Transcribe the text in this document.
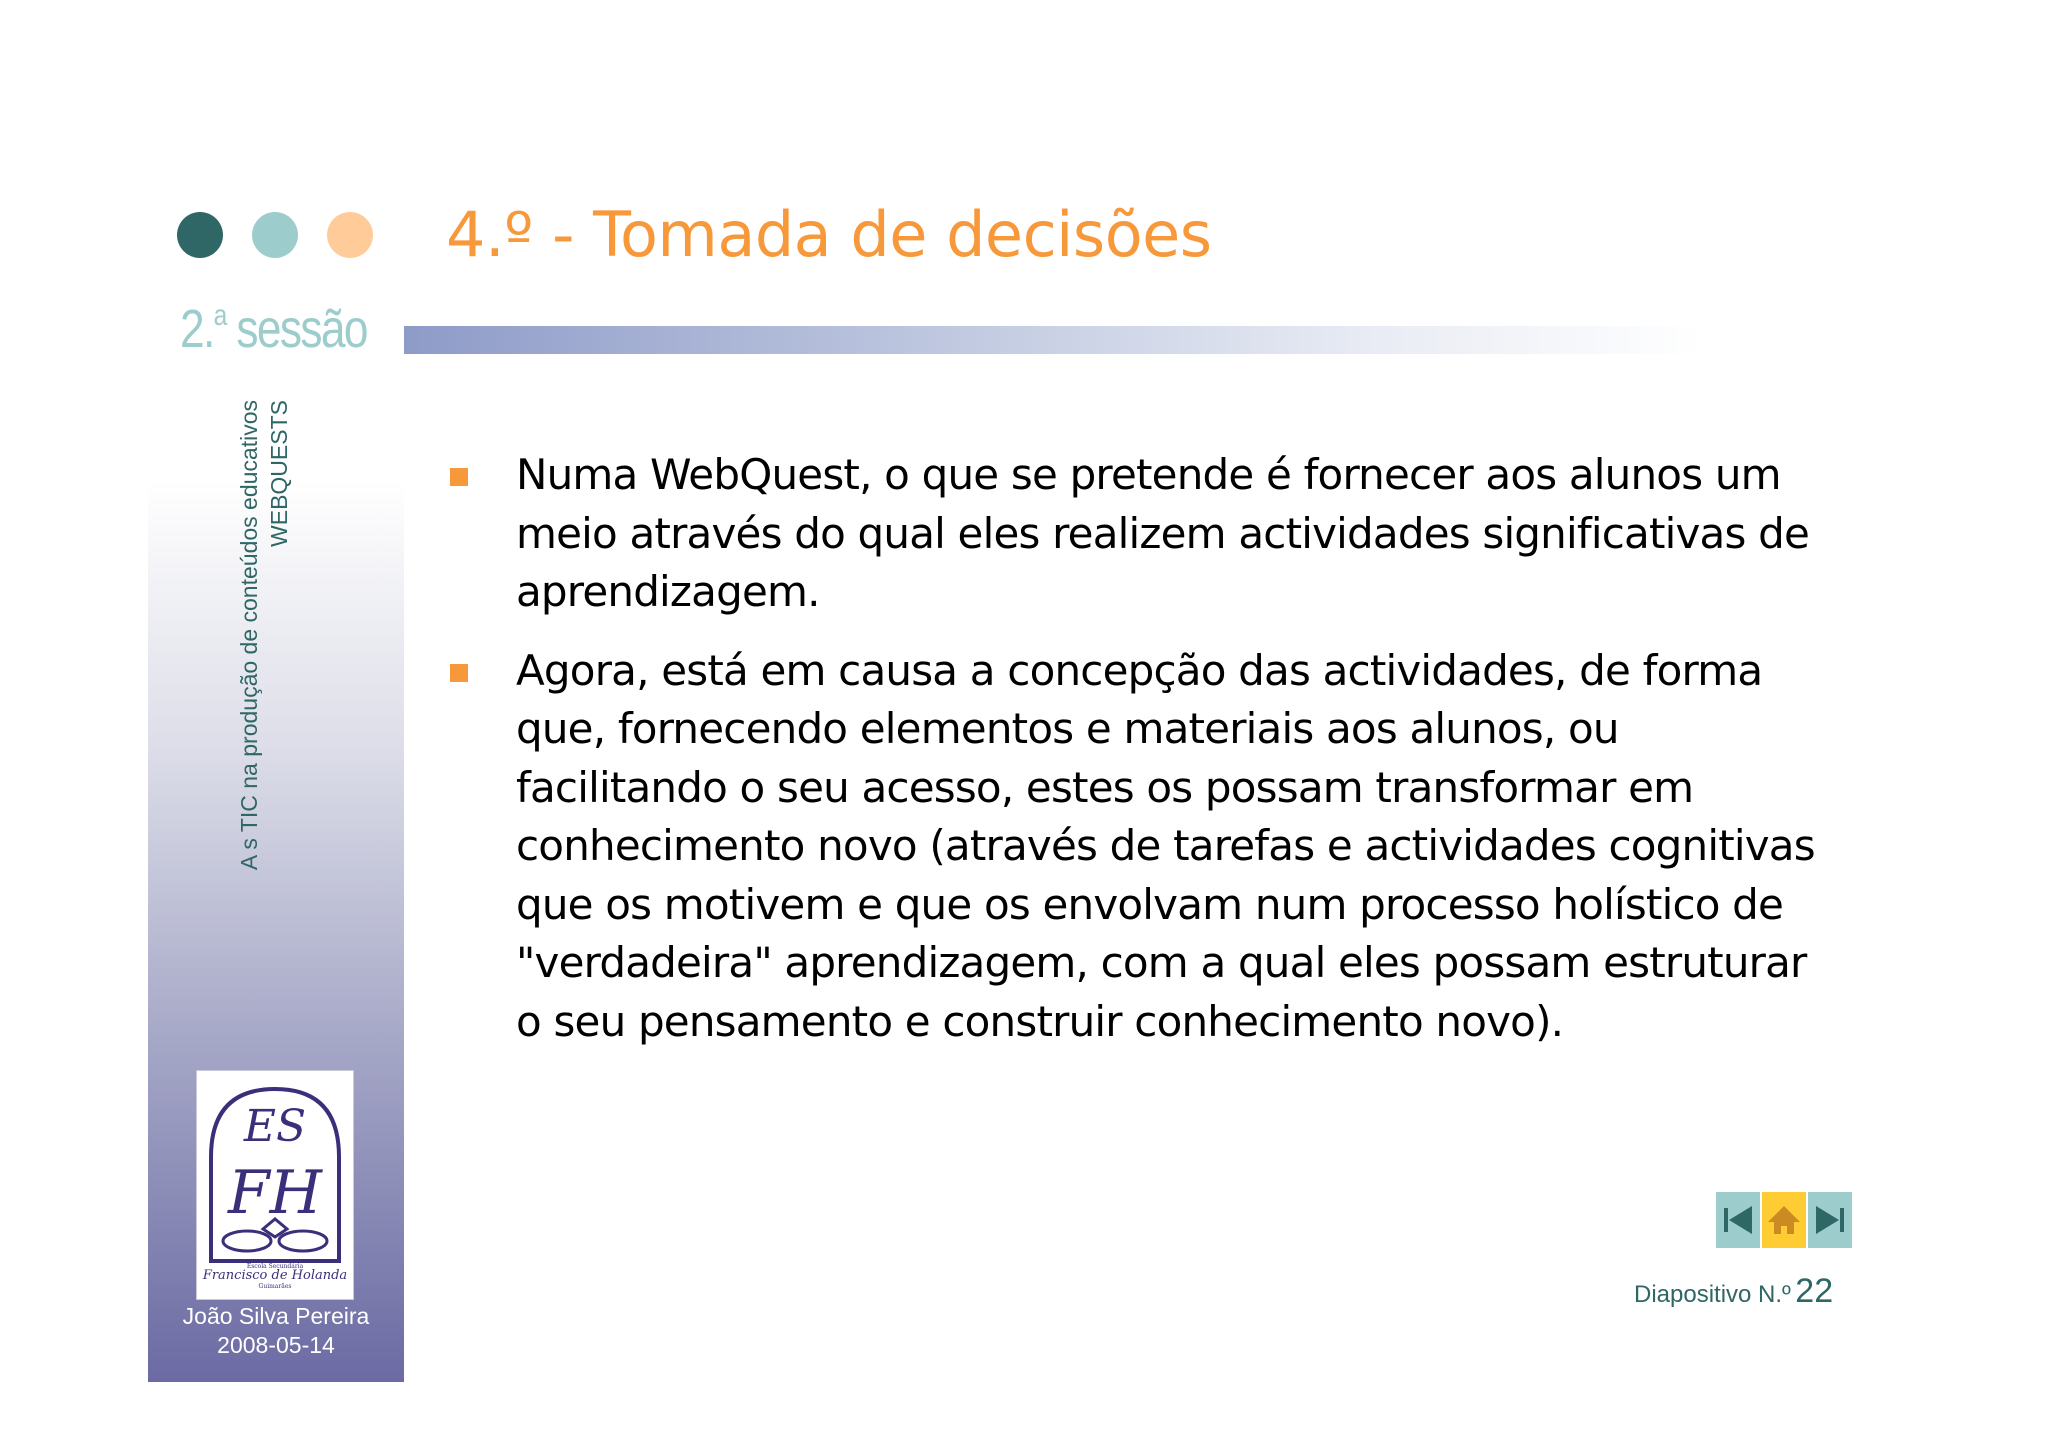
2.$^a$ sessão
4.º - Tomada de decisões
A s TIC na produção de conteúdos educativos WEBQUESTS	Numa WebQuest, o que se pretende é fornecer aos alunos um meio através do qual eles realizem actividades significativas de aprendizagem.
Agora, está em causa a concepção das actividades, de forma que, fornecendo elementos e materiais aos alunos, ou facilitando o seu acesso, estes os possam transformar em conhecimento novo (através de tarefas e actividades cognitivas que os motivem e que os envolvam num processo holístico de "verdadeira" aprendizagem, com a qual eles possam estruturar o seu pensamento e construir conhecimento novo).
ES
FH
Francisco de Holanda
Escola Secundária
Guimarães
João Silva Pereira
2008-05-14
Diapositivo N.º 22
